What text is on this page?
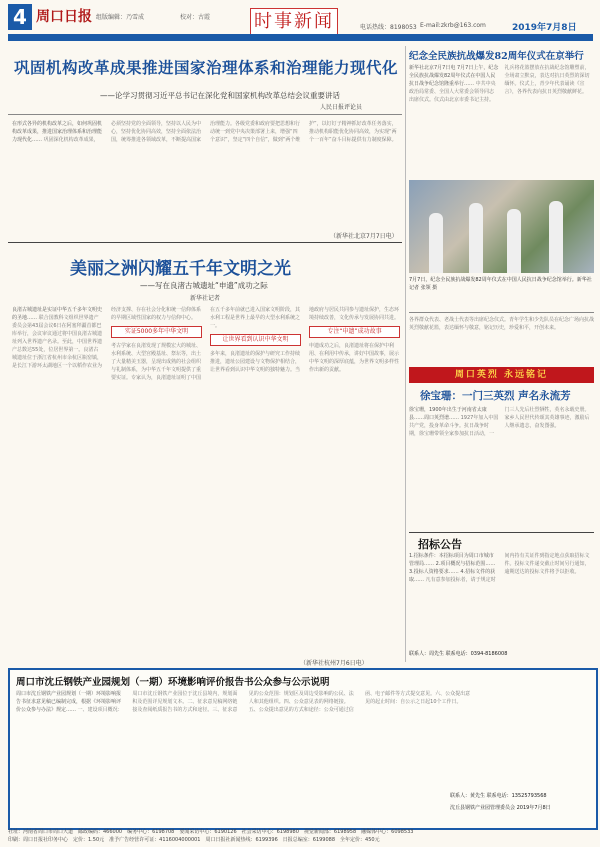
4 周口日报 组版编辑：乃雪成	校对：古霞 时事新闻	电话热线：8198053 E-mail:zkrb@163.com	2019年7月8日
巩固机构改革成果推进国家治理体系和治理能力现代化
——论学习贯彻习近平总书记在深化党和国家机构改革总结会议重要讲话
人民日报评论员
在形式各异的机构改革之后，如何巩固机构改革成果，推进国家治理体系和治理能力现代化…… 巩固深化机构改革成果，必须坚持党的全面领导，坚持以人民为中心，坚持优化协同高效，坚持全面依法治国，统筹推进各领域改革，不断提高国家治理能力。各级党委和政府要把思想和行动统一到党中央决策部署上来，增强“四个意识”，坚定“四个自信”，做到“两个维护”，以钉钉子精神抓好改革任务落实，推动机构职能优化协同高效，为实现“两个一百年”奋斗目标提供有力制度保障。
（新华社北京7月7日电）
美丽之洲闪耀五千年文明之光
——写在良渚古城遗址“申遗”成功之际
新华社记者
良渚古城遗址是实证中华五千多年文明史的圣地…… 联合国教科文组织世界遗产委员会第43届会议6日在阿塞拜疆首都巴库举行，会议审议通过将中国良渚古城遗址列入世界遗产名录。至此，中国世界遗产总数达55处，位居世界第一。良渚古城遗址位于浙江省杭州市余杭区瓶窑镇，是长江下游环太湖地区一个以稻作农业为经济支撑、存在社会分化和统一信仰体系的早期区域性国家的权力与信仰中心。
实证5000多年中华文明
考古学家在良渚发现了规模宏大的城址、水利系统、大型宫殿基址、祭坛等，出土了大量精美玉器，呈现出成熟的社会组织与礼制体系，为中华五千年文明提供了重要实证。专家认为，良渚遗址证明了中国在五千多年前就已进入国家文明阶段，其水利工程是世界上最早的大型水利系统之一。
让世界看到认识中华文明
多年来，良渚遗址的保护与研究工作持续推进，遗址公园建设与文物保护相结合，让世界看到认识中华文明的独特魅力。当地政府与居民共同参与遗址保护，生态环境持续改善，文化传承与发展协同共进。
专注“申遗”成功故事
申遗成功之后，良渚遗址将在保护中利用、在利用中传承，讲好中国故事，展示中华文明的深厚底蕴，为世界文明多样性作出新的贡献。
（新华社杭州7月6日电）
纪念全民族抗战爆发82周年仪式在京举行
新华社北京7月7日电 7月7日上午，纪念全民族抗战爆发82周年仪式在中国人民抗日战争纪念馆隆重举行…… 中共中央政治局常委、全国人大常委会领导同志出席仪式。仪式由北京市委书记主持。礼兵将花篮摆放在抗战纪念馆雕塑前，全场肃立默哀，表达对抗日英烈的深切缅怀。仪式上，青少年代表诵读《宣言》，各界代表向抗日英烈敬献鲜花。
7月7日，纪念全民族抗战爆发82周年仪式在中国人民抗日战争纪念馆举行。新华社记者 张领 摄
各界群众代表、老战士代表等出席纪念仪式。青年学生和少先队员在纪念广场向抗战英烈敬献花篮，表达缅怀与敬意，铭记历史，珍爱和平，开创未来。
周口英烈 永远铭记
徐宝珊：一门三英烈 声名永流芳
徐宝珊，1900年出生于河南省太康县……周口英烈谱…… 1927年加入中国共产党，投身革命斗争。抗日战争时期，徐宝珊带领全家参加抗日活动，一门三人先后壮烈牺牲，英名永载史册。家乡人民世代传颂其英雄事迹，激励后人继承遗志，奋发图强。
招标公告
1.招标条件：本招标项目为周口市城市管理局…… 2.项目概况与招标范围…… 3.投标人资格要求…… 4.招标文件的获取…… 凡有意参加投标者，请于规定时间内持有关证件到指定地点获取招标文件。投标文件递交截止时间另行通知，逾期送达的投标文件将予以拒收。
联系人：周先生 联系电话：0394-8186008
周口市沈丘钢铁产业园规划（一期）环境影响评价报告书公众参与公示说明
周口市沈丘钢铁产业园规划（一期）环境影响报告书征求意见稿已编制完成，根据《环境影响评价公众参与办法》规定…… 一、建设项目概况：周口市沈丘钢铁产业园位于沈丘县境内，规划面积及范围详见规划文本。二、征求意见稿网络链接及查阅纸质报告书的方式和途径。三、征求意见的公众范围：规划区及周边受影响的公民、法人和其他组织。四、公众意见表的网络链接。五、公众提出意见的方式和途径：公众可通过信函、电子邮件等方式提交意见。六、公众提出意见的起止时间：自公示之日起10个工作日。
联系人：黄先生 联系电话：13525793568
沈丘县钢铁产业园管理委员会 2019年7月8日
社址：河南省周口市周口大道　邮政编码：466000　编务中心：6198708　要闻采访中心：6190126　社会采访中心：6198980　视觉新闻部：6198958　融媒体中心：6098533
印刷：周口日报社印务中心　定价：1.50元　准予广告经营许可证：4116004000001　周口日报社新闻热线：6199396　日报总编室：6199088　全年定价：450元
